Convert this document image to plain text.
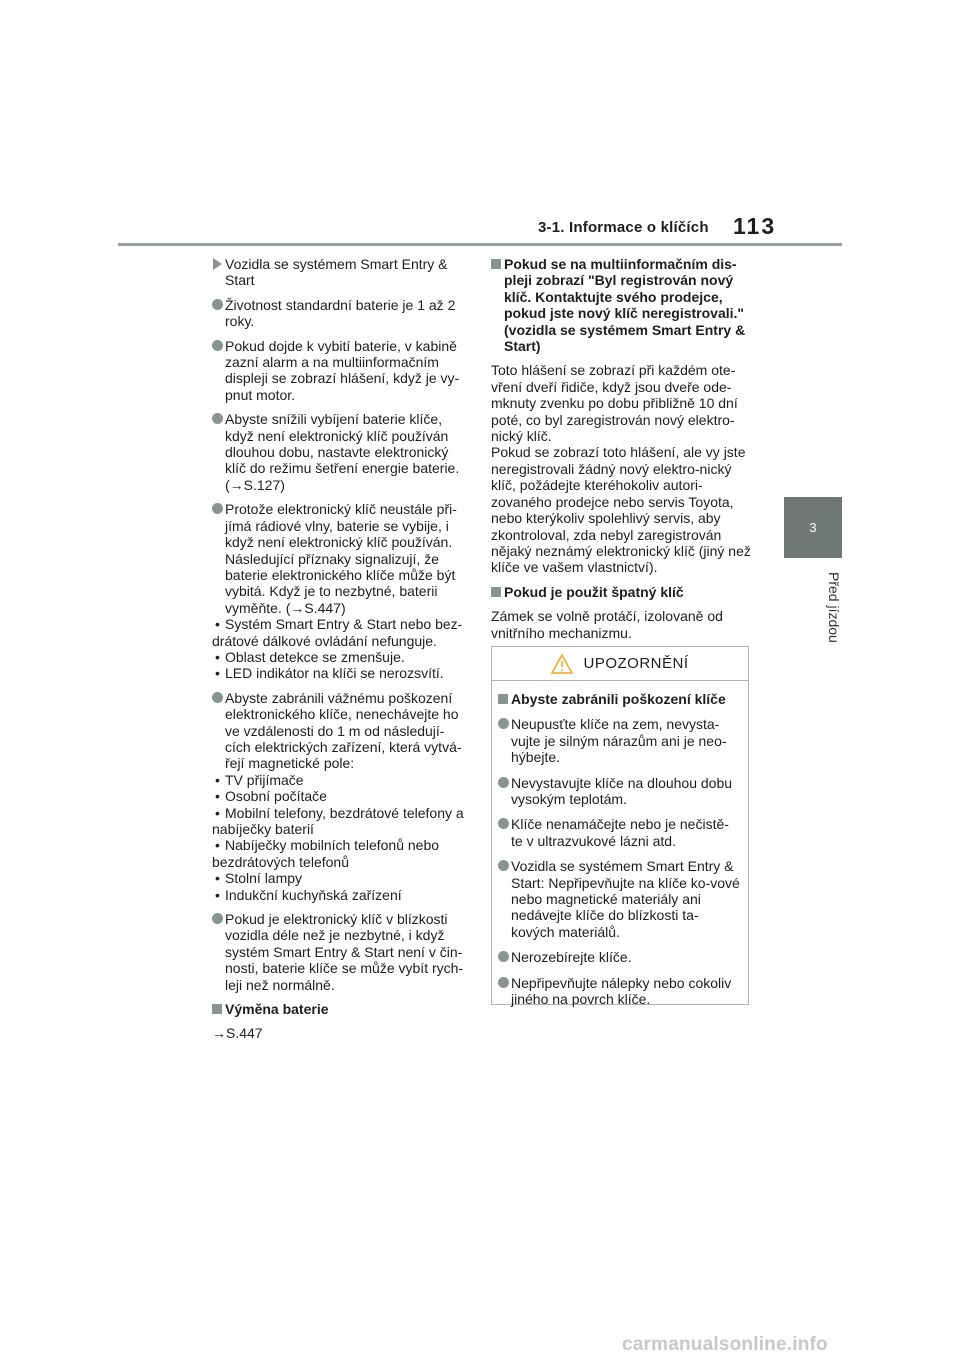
3-1. Informace o klíčích 113
3
Před jízdou
Vozidla se systémem Smart Entry & Start
Životnost standardní baterie je 1 až 2 roky.
Pokud dojde k vybití baterie, v kabině zazní alarm a na multiinformačním displeji se zobrazí hlášení, když je vy-pnut motor.
Abyste snížili vybíjení baterie klíče, když není elektronický klíč používán dlouhou dobu, nastavte elektronický klíč do režimu šetření energie baterie. (→S.127)
Protože elektronický klíč neustále při-jímá rádiové vlny, baterie se vybije, i když není elektronický klíč používán. Následující příznaky signalizují, že baterie elektronického klíče může být vybitá. Když je to nezbytné, baterii vyměňte. (→S.447)
• Systém Smart Entry & Start nebo bez-drátové dálkové ovládání nefunguje.
• Oblast detekce se zmenšuje.
• LED indikátor na klíči se nerozsvítí.
Abyste zabránili vážnému poškození elektronického klíče, nenechávejte ho ve vzdálenosti do 1 m od následují-cích elektrických zařízení, která vytvá-řejí magnetické pole:
• TV přijímače
• Osobní počítače
• Mobilní telefony, bezdrátové telefony a nabíječky baterií
• Nabíječky mobilních telefonů nebo bezdrátových telefonů
• Stolní lampy
• Indukční kuchyňská zařízení
Pokud je elektronický klíč v blízkosti vozidla déle než je nezbytné, i když systém Smart Entry & Start není v čin-nosti, baterie klíče se může vybít rych-leji než normálně.
Výměna baterie
→S.447
Pokud se na multiinformačním dis-pleji zobrazí "Byl registrován nový klíč. Kontaktujte svého prodejce, pokud jste nový klíč neregistrovali." (vozidla se systémem Smart Entry & Start)
Toto hlášení se zobrazí při každém ote-vření dveří řidiče, když jsou dveře ode-mknuty zvenku po dobu přibližně 10 dní poté, co byl zaregistrován nový elektro-nický klíč.
Pokud se zobrazí toto hlášení, ale vy jste neregistrovali žádný nový elektro-nický klíč, požádejte kteréhokoliv autori-zovaného prodejce nebo servis Toyota, nebo kterýkoliv spolehlivý servis, aby zkontroloval, zda nebyl zaregistrován nějaký neznámý elektronický klíč (jiný než klíče ve vašem vlastnictví).
Pokud je použit špatný klíč
Zámek se volně protáčí, izolovaně od vnitřního mechanizmu.
UPOZORNĚNÍ
Abyste zabránili poškození klíče
Neupusťte klíče na zem, nevysta-vujte je silným nárazům ani je neo-hýbejte.
Nevystavujte klíče na dlouhou dobu vysokým teplotám.
Klíče nenamáčejte nebo je nečistě-te v ultrazvukové lázni atd.
Vozidla se systémem Smart Entry & Start: Nepřipevňujte na klíče ko-vové nebo magnetické materiály ani nedávejte klíče do blízkosti ta-kových materiálů.
Nerozebírejte klíče.
Nepřipevňujte nálepky nebo cokoliv jiného na povrch klíče.
carmanualsonline.info
